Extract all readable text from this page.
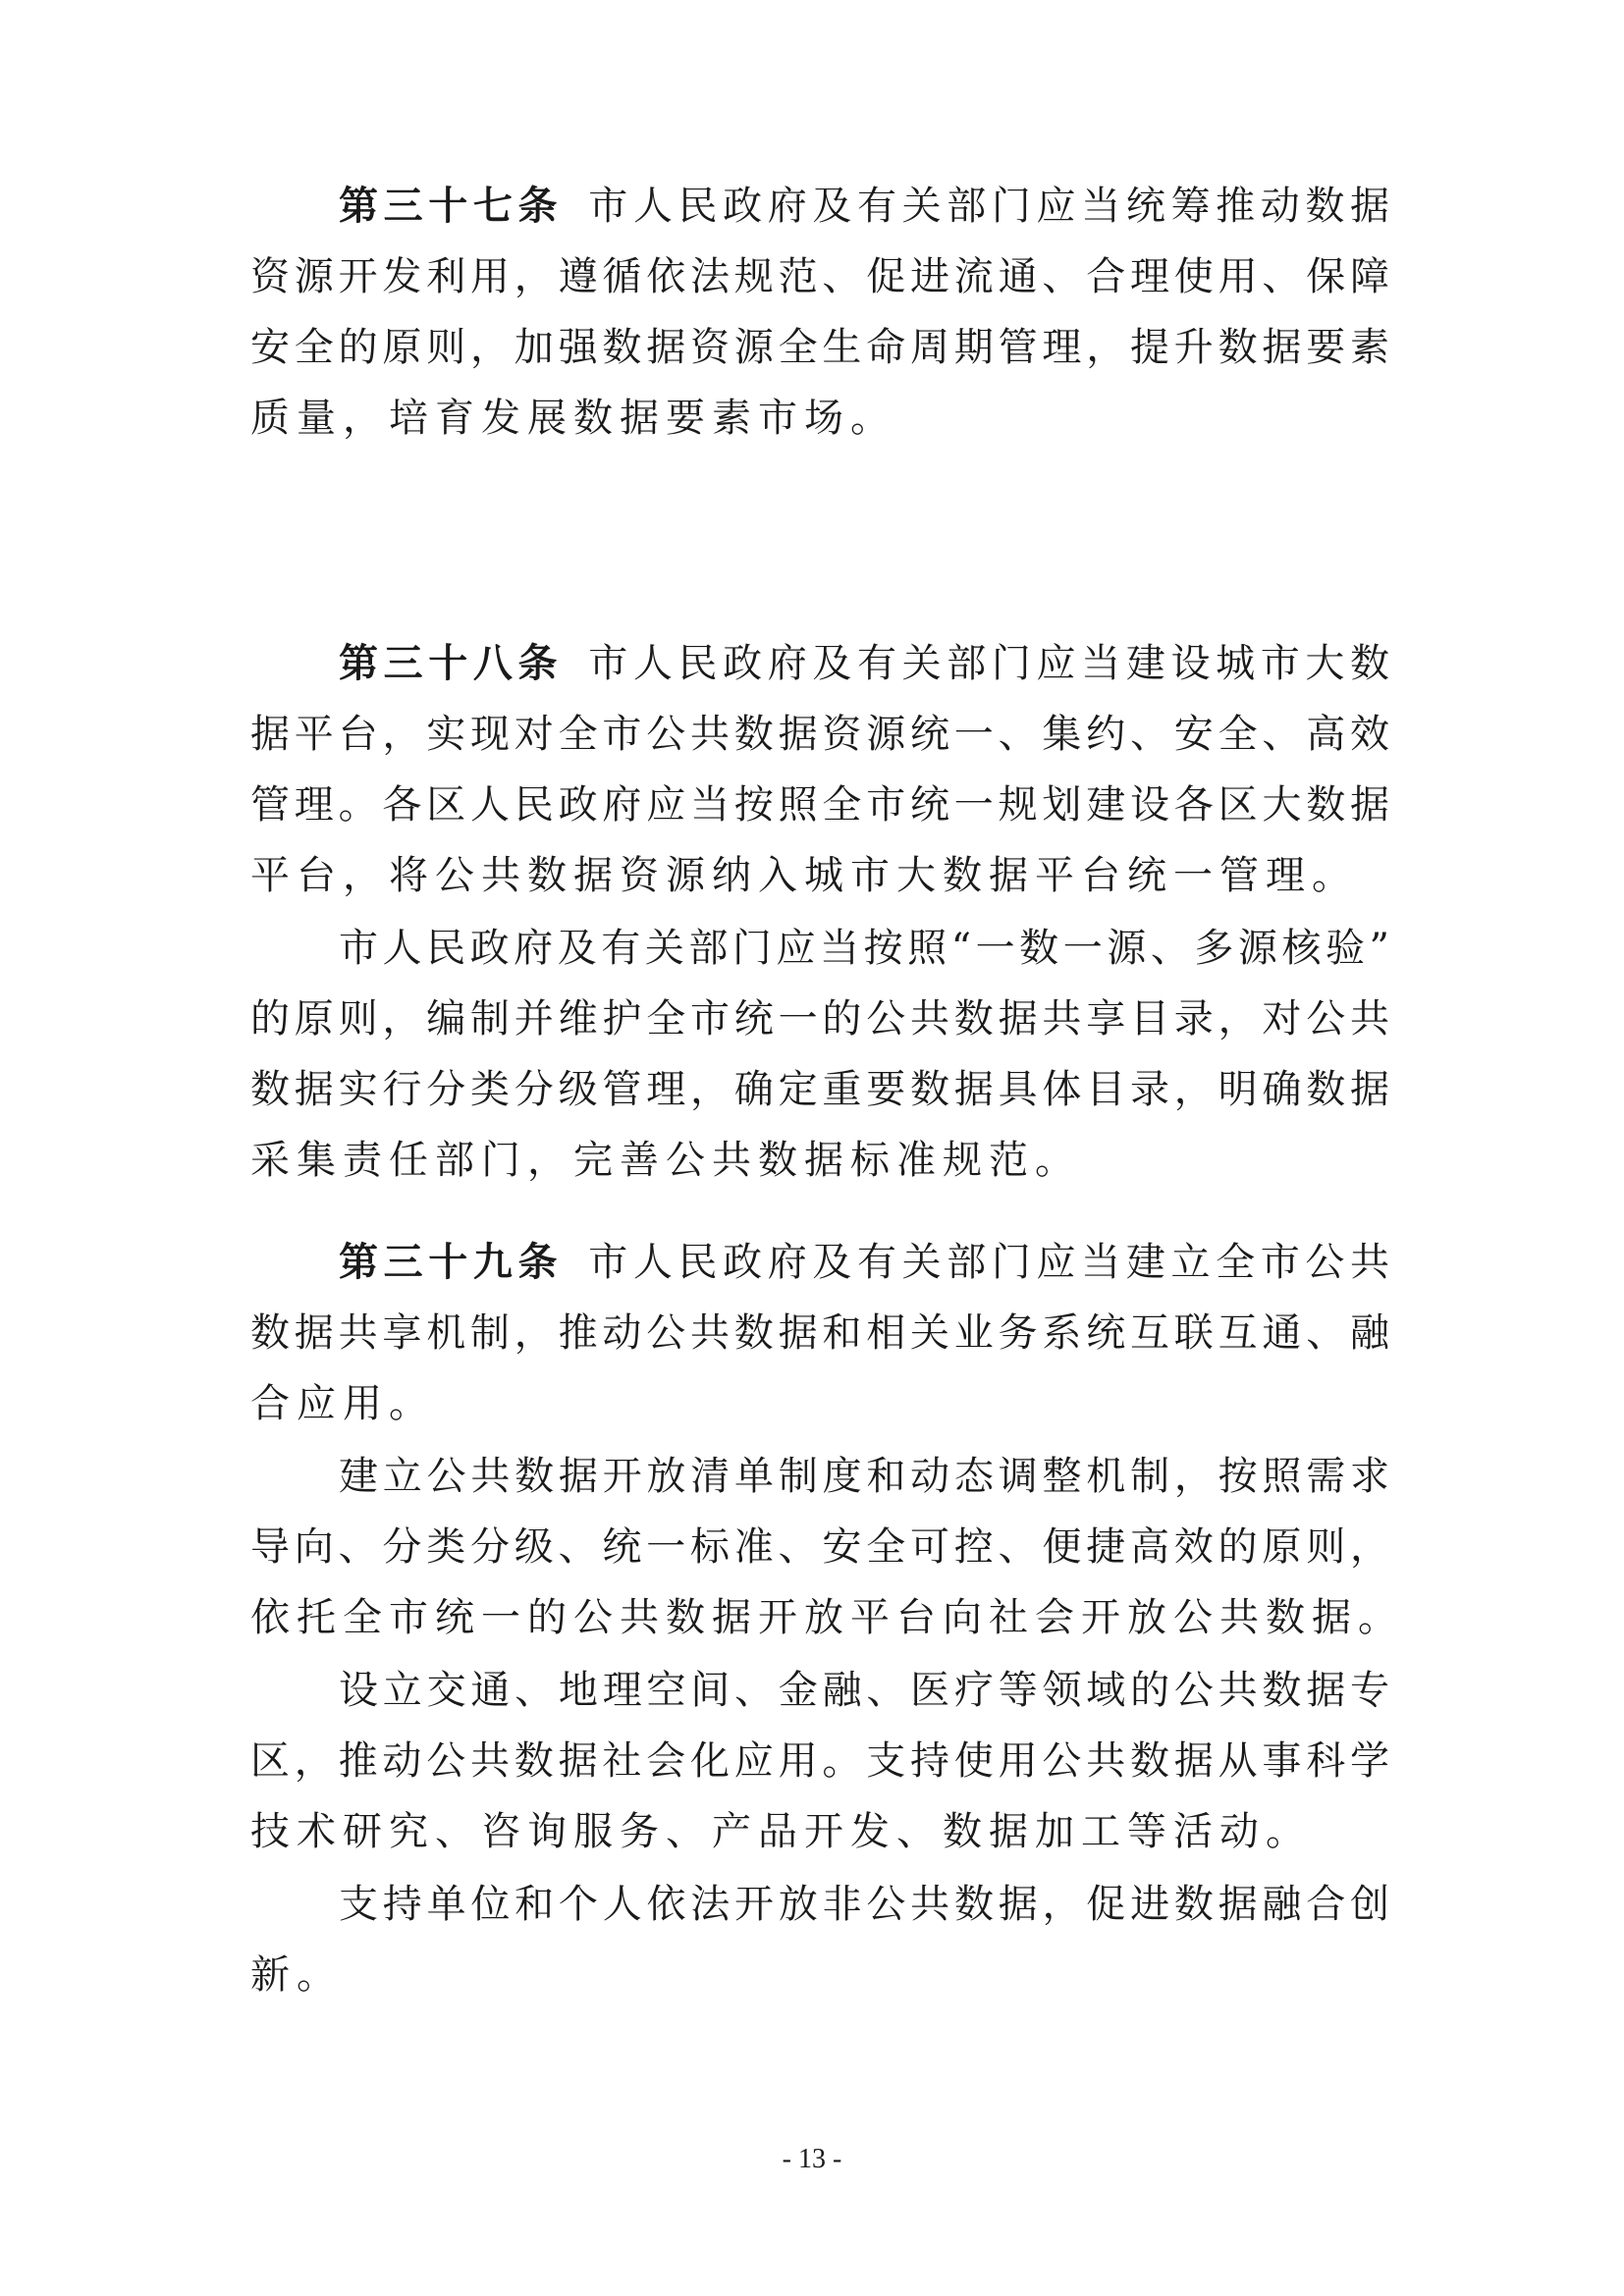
第三十七条 市人民政府及有关部门应当统筹推动数据
资源开发利用，遵循依法规范、促进流通、合理使用、保障
安全的原则，加强数据资源全生命周期管理，提升数据要素
质量，培育发展数据要素市场。
第三十八条 市人民政府及有关部门应当建设城市大数
据平台，实现对全市公共数据资源统一、集约、安全、高效
管理。各区人民政府应当按照全市统一规划建设各区大数据
平台，将公共数据资源纳入城市大数据平台统一管理。
市人民政府及有关部门应当按照“一数一源、多源核验”
的原则，编制并维护全市统一的公共数据共享目录，对公共
数据实行分类分级管理，确定重要数据具体目录，明确数据
采集责任部门，完善公共数据标准规范。
第三十九条 市人民政府及有关部门应当建立全市公共
数据共享机制，推动公共数据和相关业务系统互联互通、融
合应用。
建立公共数据开放清单制度和动态调整机制，按照需求
导向、分类分级、统一标准、安全可控、便捷高效的原则，
依托全市统一的公共数据开放平台向社会开放公共数据。
设立交通、地理空间、金融、医疗等领域的公共数据专
区，推动公共数据社会化应用。支持使用公共数据从事科学
技术研究、咨询服务、产品开发、数据加工等活动。
支持单位和个人依法开放非公共数据，促进数据融合创
新。
- 13 -
